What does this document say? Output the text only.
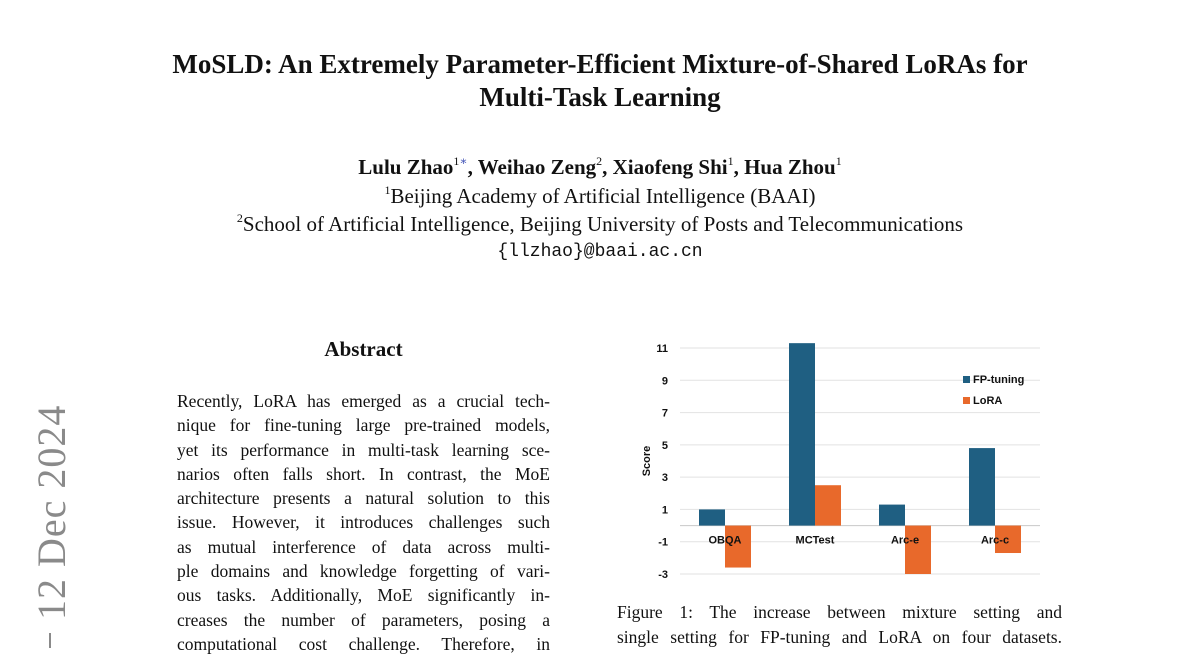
12 Dec 2024
MoSLD: An Extremely Parameter-Efficient Mixture-of-Shared LoRAs for
Multi-Task Learning
Lulu Zhao$^{1∗}$, Weihao Zeng$^2$, Xiaofeng Shi$^1$, Hua Zhou$^1$
$^1$Beijing Academy of Artificial Intelligence (BAAI)
$^2$School of Artificial Intelligence, Beijing University of Posts and Telecommunications
{llzhao}@baai.ac.cn
Abstract
Recently, LoRA has emerged as a crucial tech-
nique for fine-tuning large pre-trained models,
yet its performance in multi-task learning sce-
narios often falls short. In contrast, the MoE
architecture presents a natural solution to this
issue. However, it introduces challenges such
as mutual interference of data across multi-
ple domains and knowledge forgetting of vari-
ous tasks. Additionally, MoE significantly in-
creases the number of parameters, posing a
computational cost challenge. Therefore, in
11
9
7
5
3
1
-1
-3
Score
OBQA	MCTest	Arc-e	Arc-c
FP-tuning
LoRA
Figure 1: The increase between mixture setting and
single setting for FP-tuning and LoRA on four datasets.
